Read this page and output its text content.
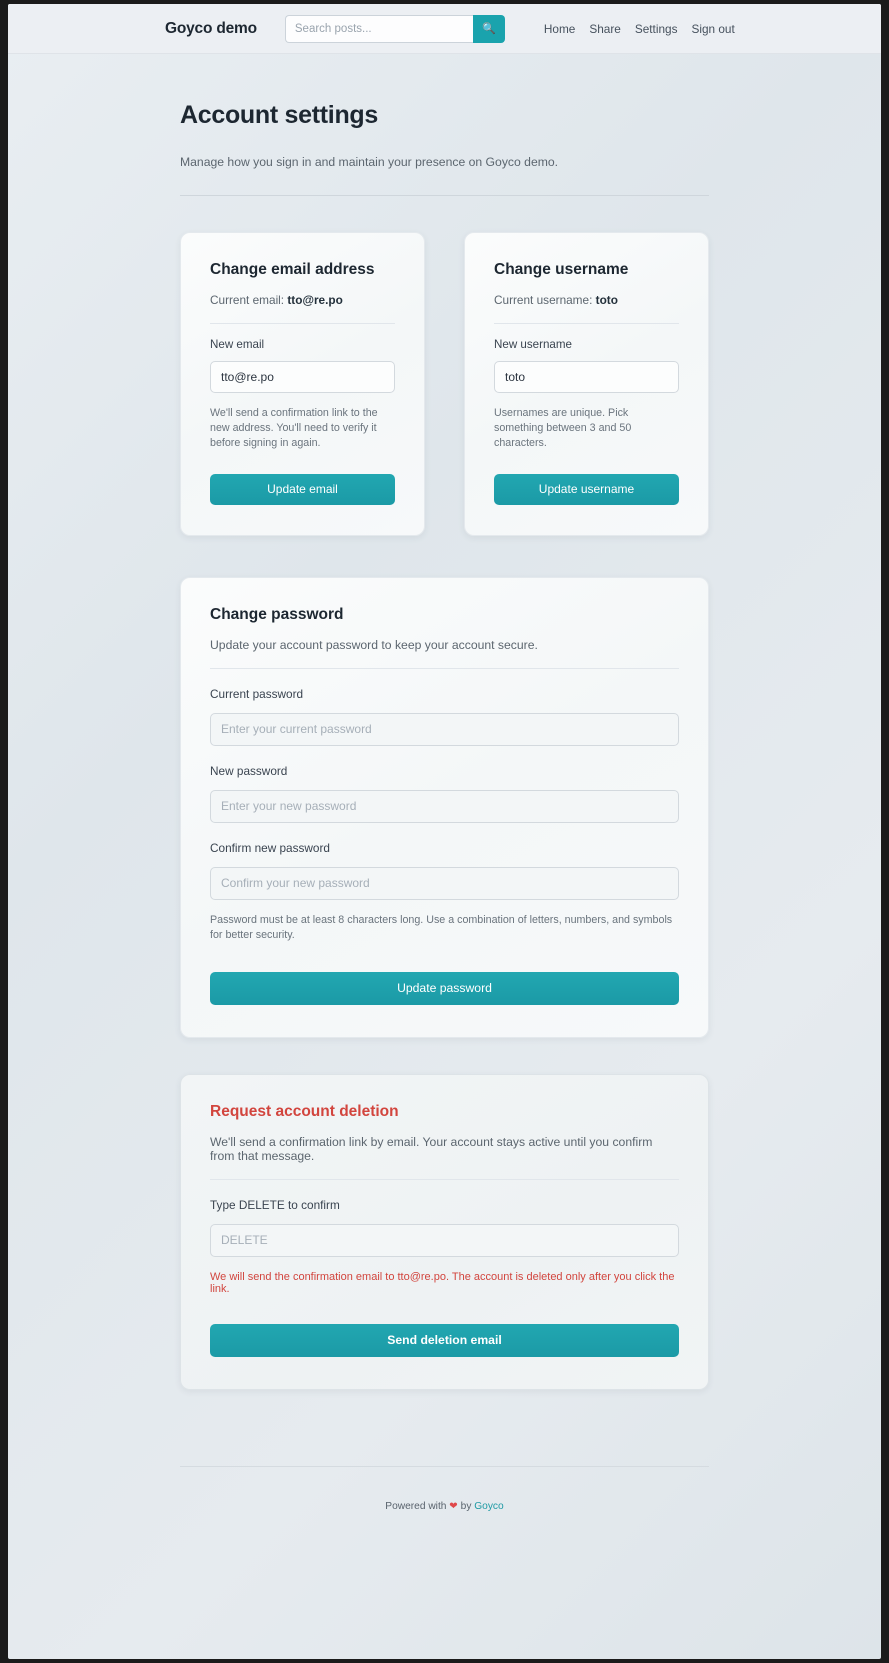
Goyco demo
Search posts...	🔍	Home Share Settings Sign out
Account settings

Manage how you sign in and maintain your presence on Goyco demo.

Change email address

Current email: tto@re.po

New email
tto@re.po

We'll send a confirmation link to the new address. You'll need to verify it before signing in again.

Update email
Change username

Current username: toto

New username
toto

Usernames are unique. Pick something between 3 and 50 characters.

Update username
Change password

Update your account password to keep your account secure.

Current password
New password
Confirm new password

Password must be at least 8 characters long. Use a combination of letters, numbers, and symbols for better security.

Update password
Request account deletion

We'll send a confirmation link by email. Your account stays active until you confirm from that message.

Type DELETE to confirm
DELETE

We will send the confirmation email to tto@re.po. The account is deleted only after you click the link.

Send deletion email
Powered with ❤ by Goyco
